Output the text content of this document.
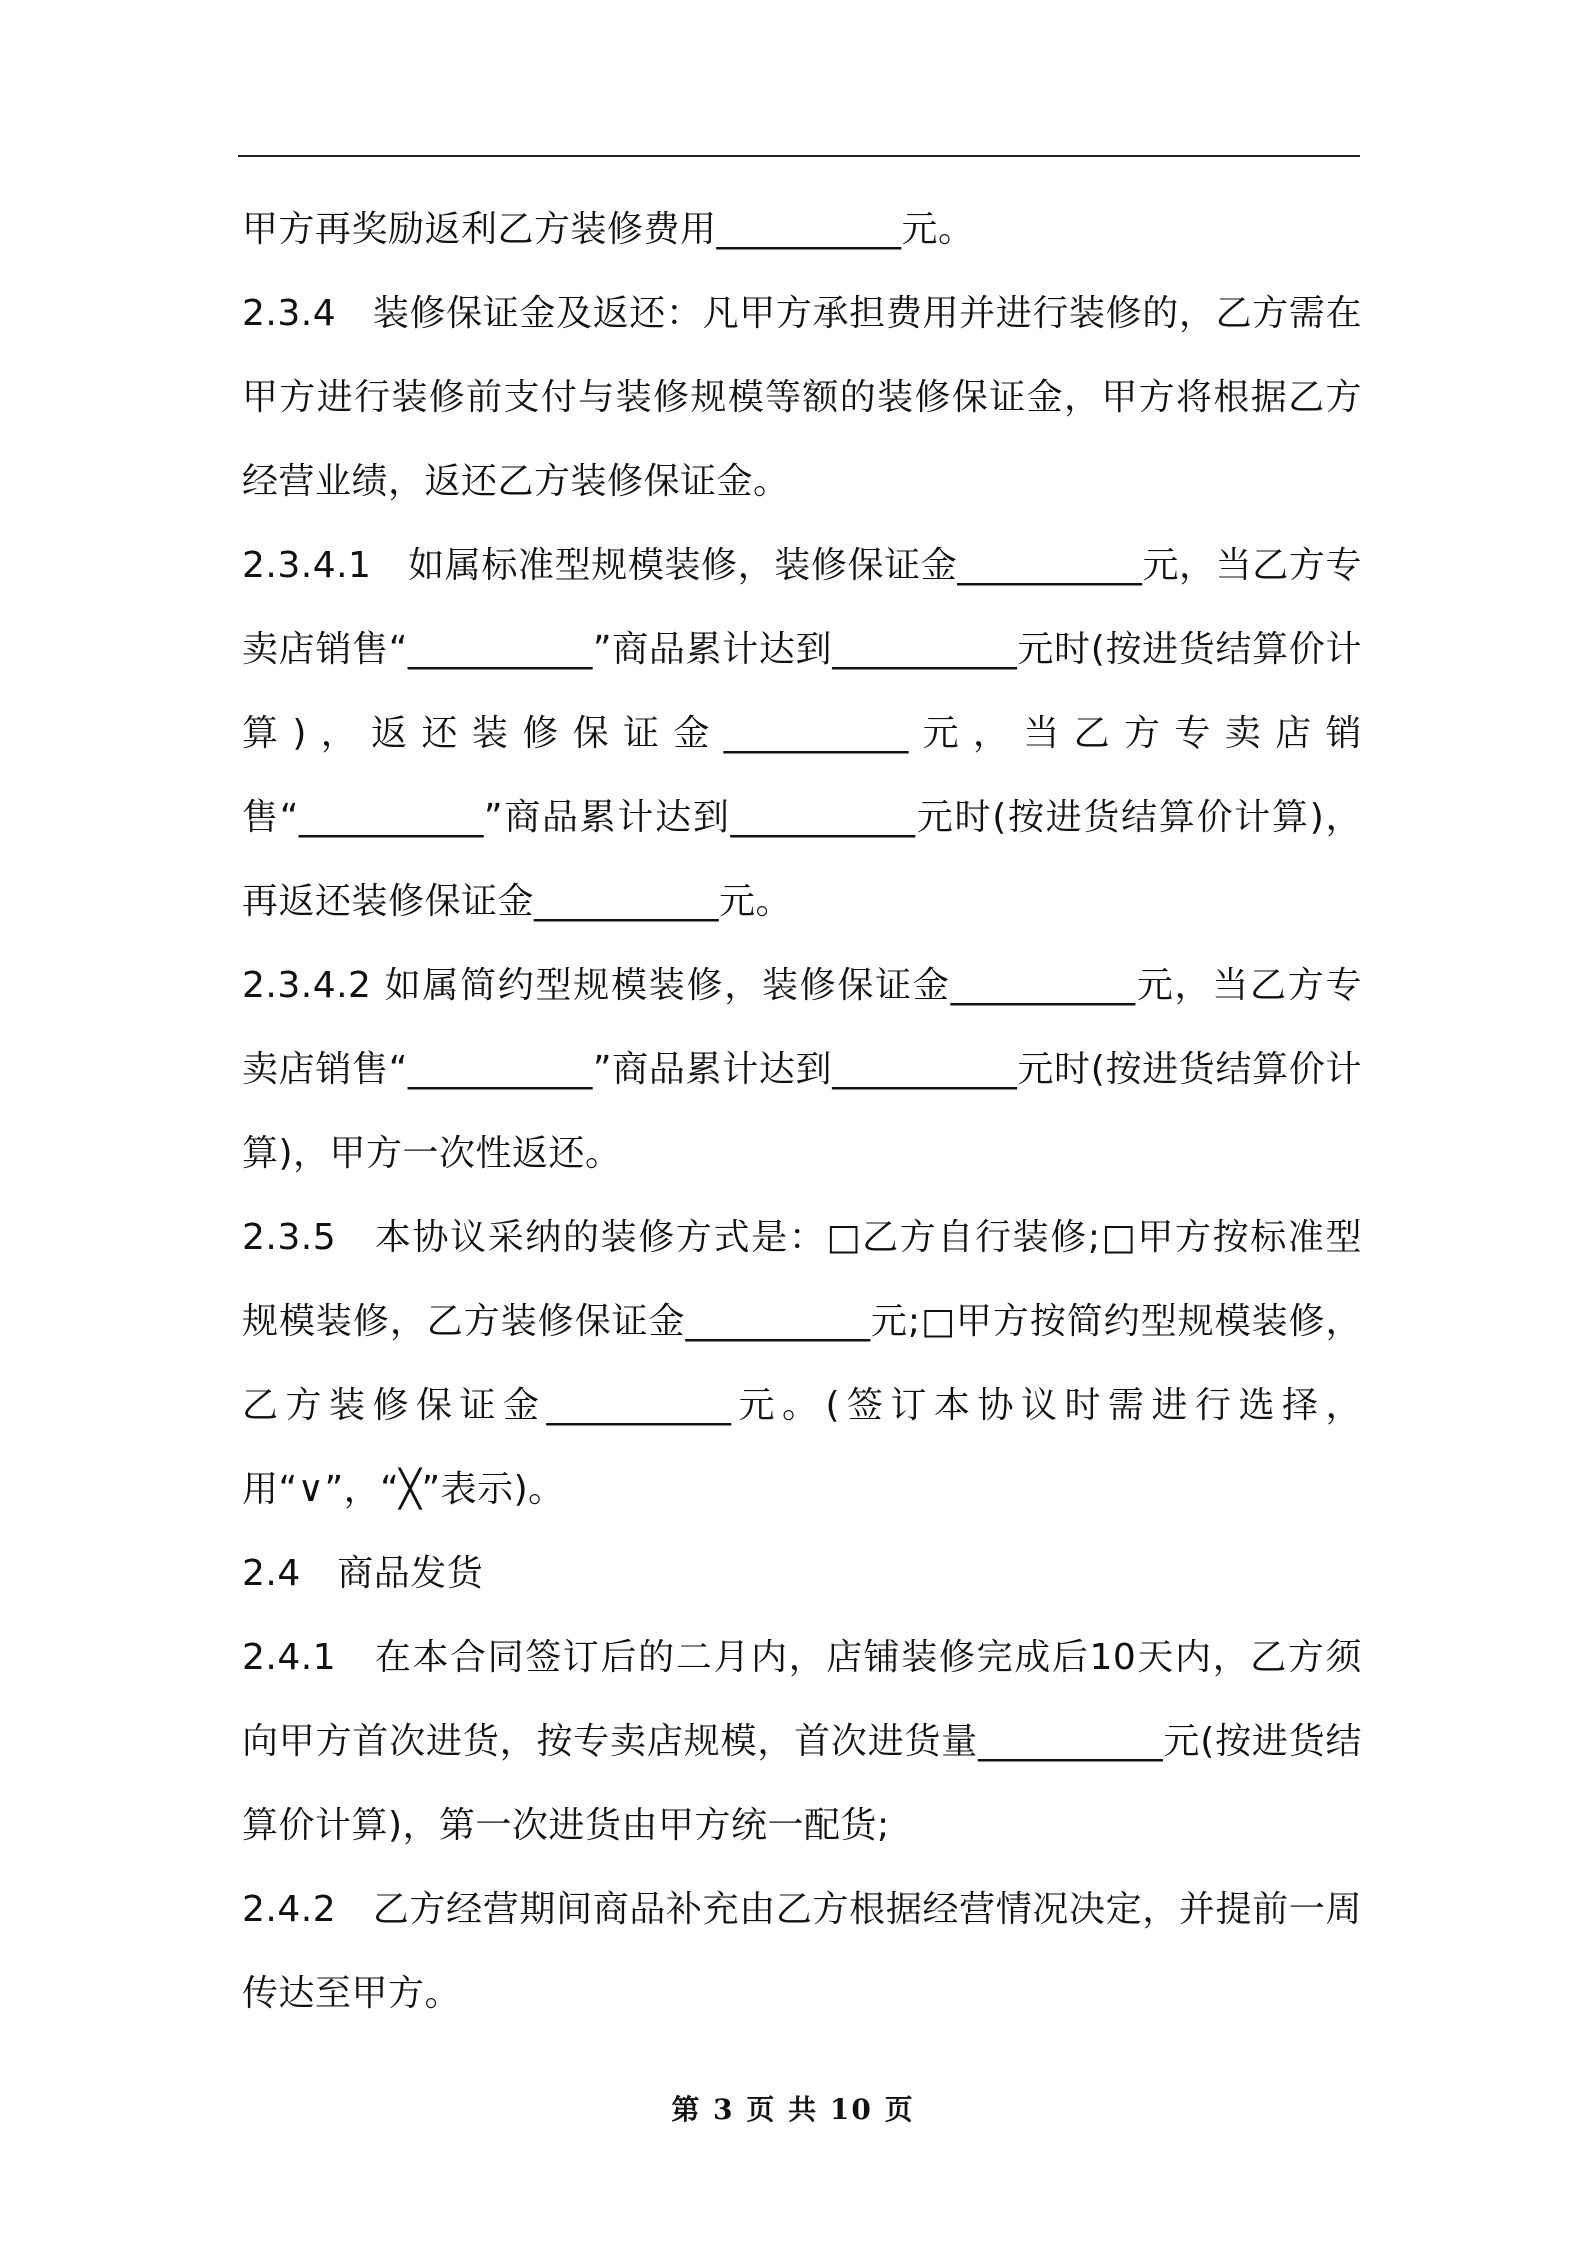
甲方再奖励返利乙方装修费用__________元。

2.3.4　装修保证金及返还：凡甲方承担费用并进行装修的，乙方需在甲方进行装修前支付与装修规模等额的装修保证金，甲方将根据乙方经营业绩，返还乙方装修保证金。

2.3.4.1　如属标准型规模装修，装修保证金__________元，当乙方专卖店销售“__________”商品累计达到__________元时(按进货结算价计算)，返还装修保证金__________元，当乙方专卖店销售“__________”商品累计达到__________元时(按进货结算价计算)，再返还装修保证金__________元。

2.3.4.2 如属简约型规模装修，装修保证金__________元，当乙方专卖店销售“__________”商品累计达到__________元时(按进货结算价计算)，甲方一次性返还。

2.3.5　本协议采纳的装修方式是：□乙方自行装修;□甲方按标准型规模装修，乙方装修保证金__________元;□甲方按简约型规模装修，乙方装修保证金__________元。(签订本协议时需进行选择，用“∨”，“╳”表示)。

2.4　商品发货

2.4.1　在本合同签订后的二月内，店铺装修完成后10天内，乙方须向甲方首次进货，按专卖店规模，首次进货量__________元(按进货结算价计算)，第一次进货由甲方统一配货;

2.4.2　乙方经营期间商品补充由乙方根据经营情况决定，并提前一周传达至甲方。

第 3 页 共 10 页
